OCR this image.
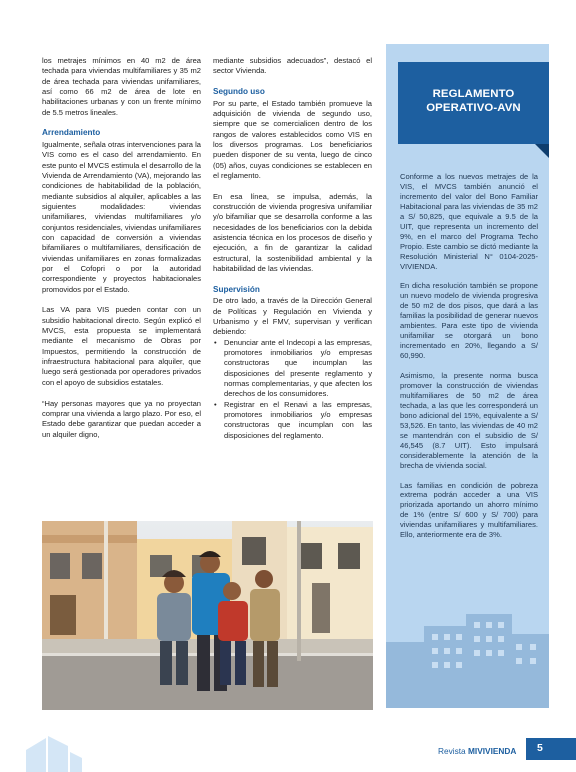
los metrajes mínimos en 40 m2 de área techada para viviendas multifamiliares y 35 m2 de área techada para viviendas unifamiliares, así como 66 m2 de área de lote en habilitaciones urbanas y con un frente mínimo de 5.5 metros lineales.

Arrendamiento

Igualmente, señala otras intervenciones para la VIS como es el caso del arrendamiento. En este punto el MVCS estimula el desarrollo de la Vivienda de Arrendamiento (VA), mejorando las condiciones de habitabilidad de la población, mediante subsidios al alquiler, aplicables a las siguientes modalidades: viviendas unifamiliares, viviendas multifamiliares y/o conjuntos residenciales, viviendas unifamiliares con capacidad de conversión a viviendas bifamiliares o multifamiliares, densificación de viviendas unifamiliares en zonas formalizadas por el Cofopri o por la autoridad correspondiente y proyectos habitacionales promovidos por el Estado.

Las VA para VIS pueden contar con un subsidio habitacional directo. Según explicó el MVCS, esta propuesta se implementará mediante el mecanismo de Obras por Impuestos, permitiendo la construcción de infraestructura habitacional para alquiler, que luego será gestionada por operadores privados con el apoyo de subsidios estatales.

“Hay personas mayores que ya no proyectan comprar una vivienda a largo plazo. Por eso, el Estado debe garantizar que puedan acceder a un alquiler digno,

mediante subsidios adecuados”, destacó el sector Vivienda.

Segundo uso

Por su parte, el Estado también promueve la adquisición de vivienda de segundo uso, siempre que se comercialicen dentro de los rangos de valores establecidos como VIS en los diversos programas. Los beneficiarios pueden disponer de su venta, luego de cinco (05) años, cuyas condiciones se establecen en el reglamento.

En esa línea, se impulsa, además, la construcción de vivienda progresiva unifamiliar y/o bifamiliar que se desarrolla conforme a las necesidades de los beneficiarios con la debida asistencia técnica en los procesos de diseño y ejecución, a fin de garantizar la calidad estructural, la sostenibilidad ambiental y la habitabilidad de las viviendas.

Supervisión

De otro lado, a través de la Dirección General de Políticas y Regulación en Vivienda y Urbanismo y el FMV, supervisan y verifican debiendo:

• Denunciar ante el Indecopi a las empresas, promotores inmobiliarios y/o empresas constructoras que incumplan las disposiciones del presente reglamento y normas complementarias, y que afecten los derechos de los consumidores.
• Registrar en el Renavi a las empresas, promotores inmobiliarios y/o empresas constructoras que incumplan con las disposiciones del reglamento.
REGLAMENTO
OPERATIVO-AVN

Conforme a los nuevos metrajes de la VIS, el MVCS también anunció el incremento del valor del Bono Familiar Habitacional para las viviendas de 35 m2 a S/ 50,825, que equivale a 9.5 de la UIT, que representa un incremento del 9%, en el marco del Programa Techo Propio. Este cambio se dictó mediante la Resolución Ministerial N° 0104-2025-VIVIENDA.

En dicha resolución también se propone un nuevo modelo de vivienda progresiva de 50 m2 de dos pisos, que dará a las familias la posibilidad de generar nuevos ambientes. Para este tipo de vivienda unifamiliar se otorgará un bono incrementado en 20%, llegando a S/ 60,990.

Asimismo, la presente norma busca promover la construcción de viviendas multifamiliares de 50 m2 de área techada, a las que les corresponderá un bono adicional del 15%, equivalente a S/ 53,526. En tanto, las viviendas de 40 m2 se mantendrán con el subsidio de S/ 46,545 (8.7 UIT). Esto impulsará considerablemente la atención de la brecha de vivienda social.

Las familias en condición de pobreza extrema podrán acceder a una VIS priorizada aportando un ahorro mínimo de 1% (entre S/ 600 y S/ 700) para viviendas unifamiliares y multifamiliares. Ello, anteriormente era de 3%.

Revista MIVIVIENDA 5
